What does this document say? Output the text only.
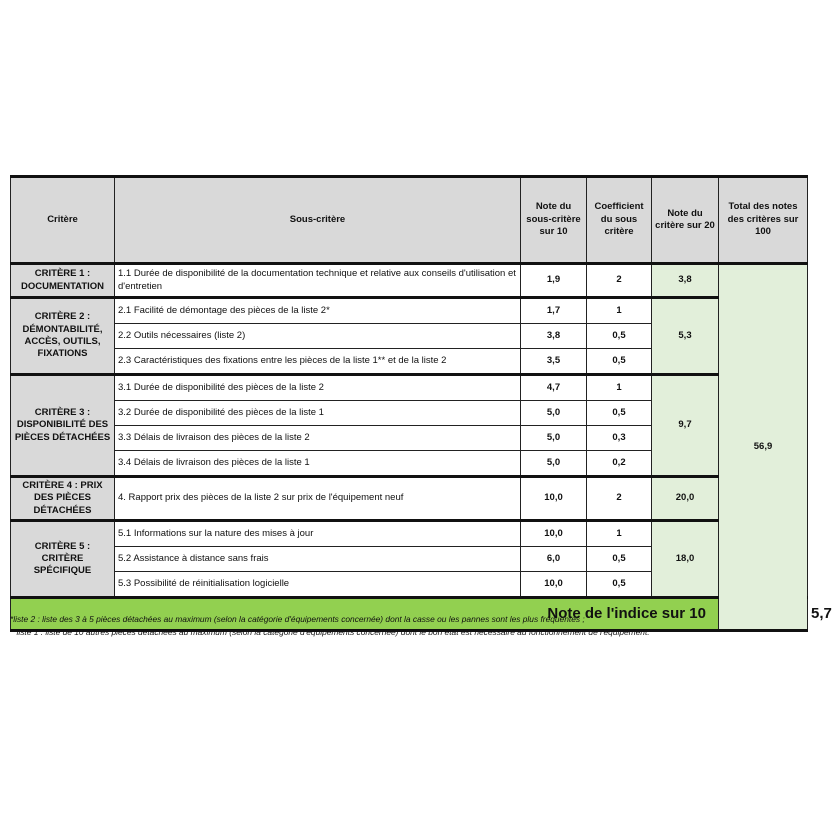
Critère	Sous-critère	Note du sous-critère sur 10	Coefficient du sous critère	Note du critère sur 20	Total des notes des critères sur 100	
CRITÈRE 1 : DOCUMENTATION	1.1 Durée de disponibilité de la documentation technique et relative aux conseils d'utilisation et d'entretien	1,9	2	3,8	56,9	
CRITÈRE 2 : DÉMONTABILITÉ, ACCÈS, OUTILS, FIXATIONS	2.1 Facilité de démontage des pièces de la liste 2*	1,7	1	5,3		
	2.2 Outils nécessaires (liste 2)	3,8	0,5			
	2.3 Caractéristiques des fixations entre les pièces de la liste 1** et de la liste 2	3,5	0,5			
CRITÈRE 3 : DISPONIBILITÉ DES PIÈCES DÉTACHÉES	3.1 Durée de disponibilité des pièces de la liste 2	4,7	1	9,7		
	3.2 Durée de disponibilité des pièces de la liste 1	5,0	0,5			
	3.3 Délais de livraison des pièces de la liste 2	5,0	0,3			
	3.4 Délais de livraison des pièces de la liste 1	5,0	0,2			
CRITÈRE 4 : PRIX DES PIÈCES DÉTACHÉES	4. Rapport prix des pièces de la liste 2 sur prix de l'équipement neuf	10,0	2	20,0		
CRITÈRE 5 : CRITÈRE SPÉCIFIQUE	5.1 Informations sur la nature des mises à jour	10,0	1	18,0		
	5.2 Assistance à distance sans frais	6,0	0,5			
	5.3 Possibilité de réinitialisation logicielle	10,0	0,5			
Note de l'indice sur 10						5,7
*liste 2 : liste des 3 à 5 pièces détachées au maximum (selon la catégorie d'équipements concernée) dont la casse ou les pannes sont les plus fréquentes ;
**liste 1 : liste de 10 autres pièces détachées au maximum (selon la catégorie d'équipements concernée) dont le bon état est nécessaire au fonctionnement de l'équipement.
